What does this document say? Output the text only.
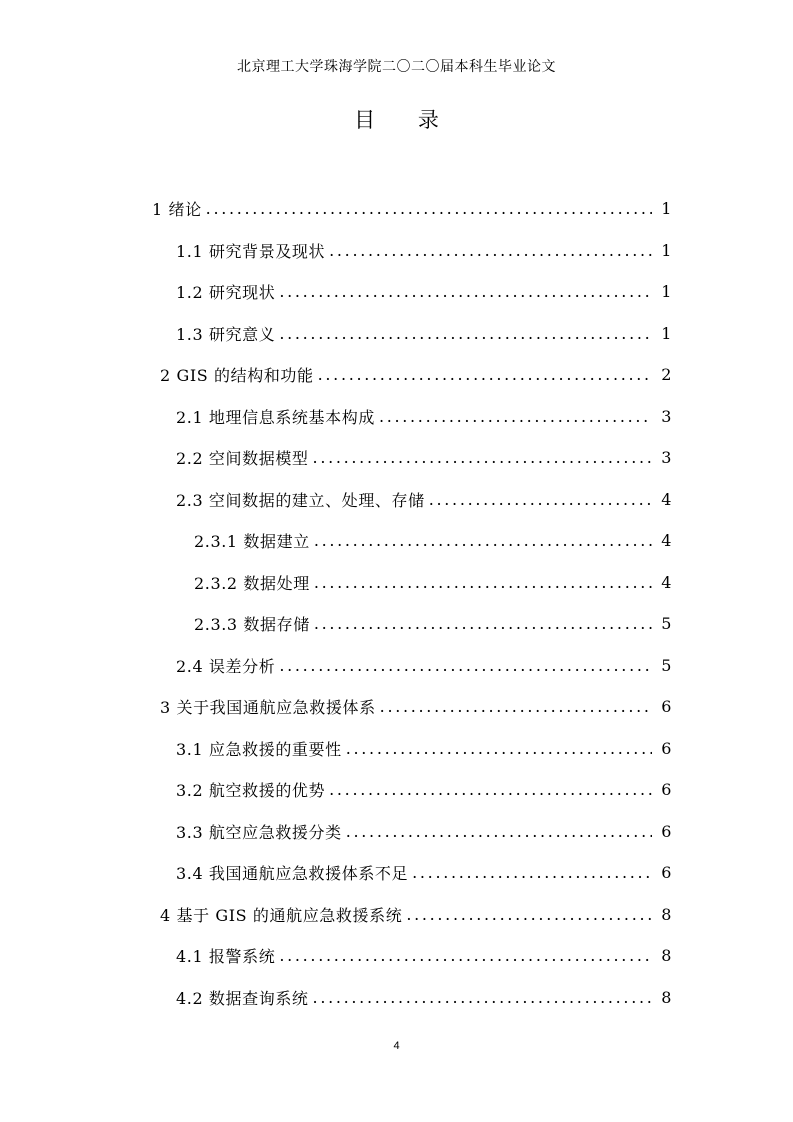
北京理工大学珠海学院二〇二〇届本科生毕业论文
目 录
1 绪论 . . .	1
1.1 研究背景及现状 . . .	1
1.2 研究现状 . . .	1
1.3 研究意义 . . .	1
2 GIS 的结构和功能 . . .	2
2.1 地理信息系统基本构成 . . .	3
2.2 空间数据模型 . . .	3
2.3 空间数据的建立、处理、存储 . . .	4
2.3.1 数据建立 . . .	4
2.3.2 数据处理 . . .	4
2.3.3 数据存储 . . .	5
2.4 误差分析 . . .	5
3 关于我国通航应急救援体系 . . .	6
3.1 应急救援的重要性 . . .	6
3.2 航空救援的优势 . . .	6
3.3 航空应急救援分类 . . .	6
3.4 我国通航应急救援体系不足 . . .	6
4 基于 GIS 的通航应急救援系统 . . .	8
4.1 报警系统 . . .	8
4.2 数据查询系统 . . .	8
4
